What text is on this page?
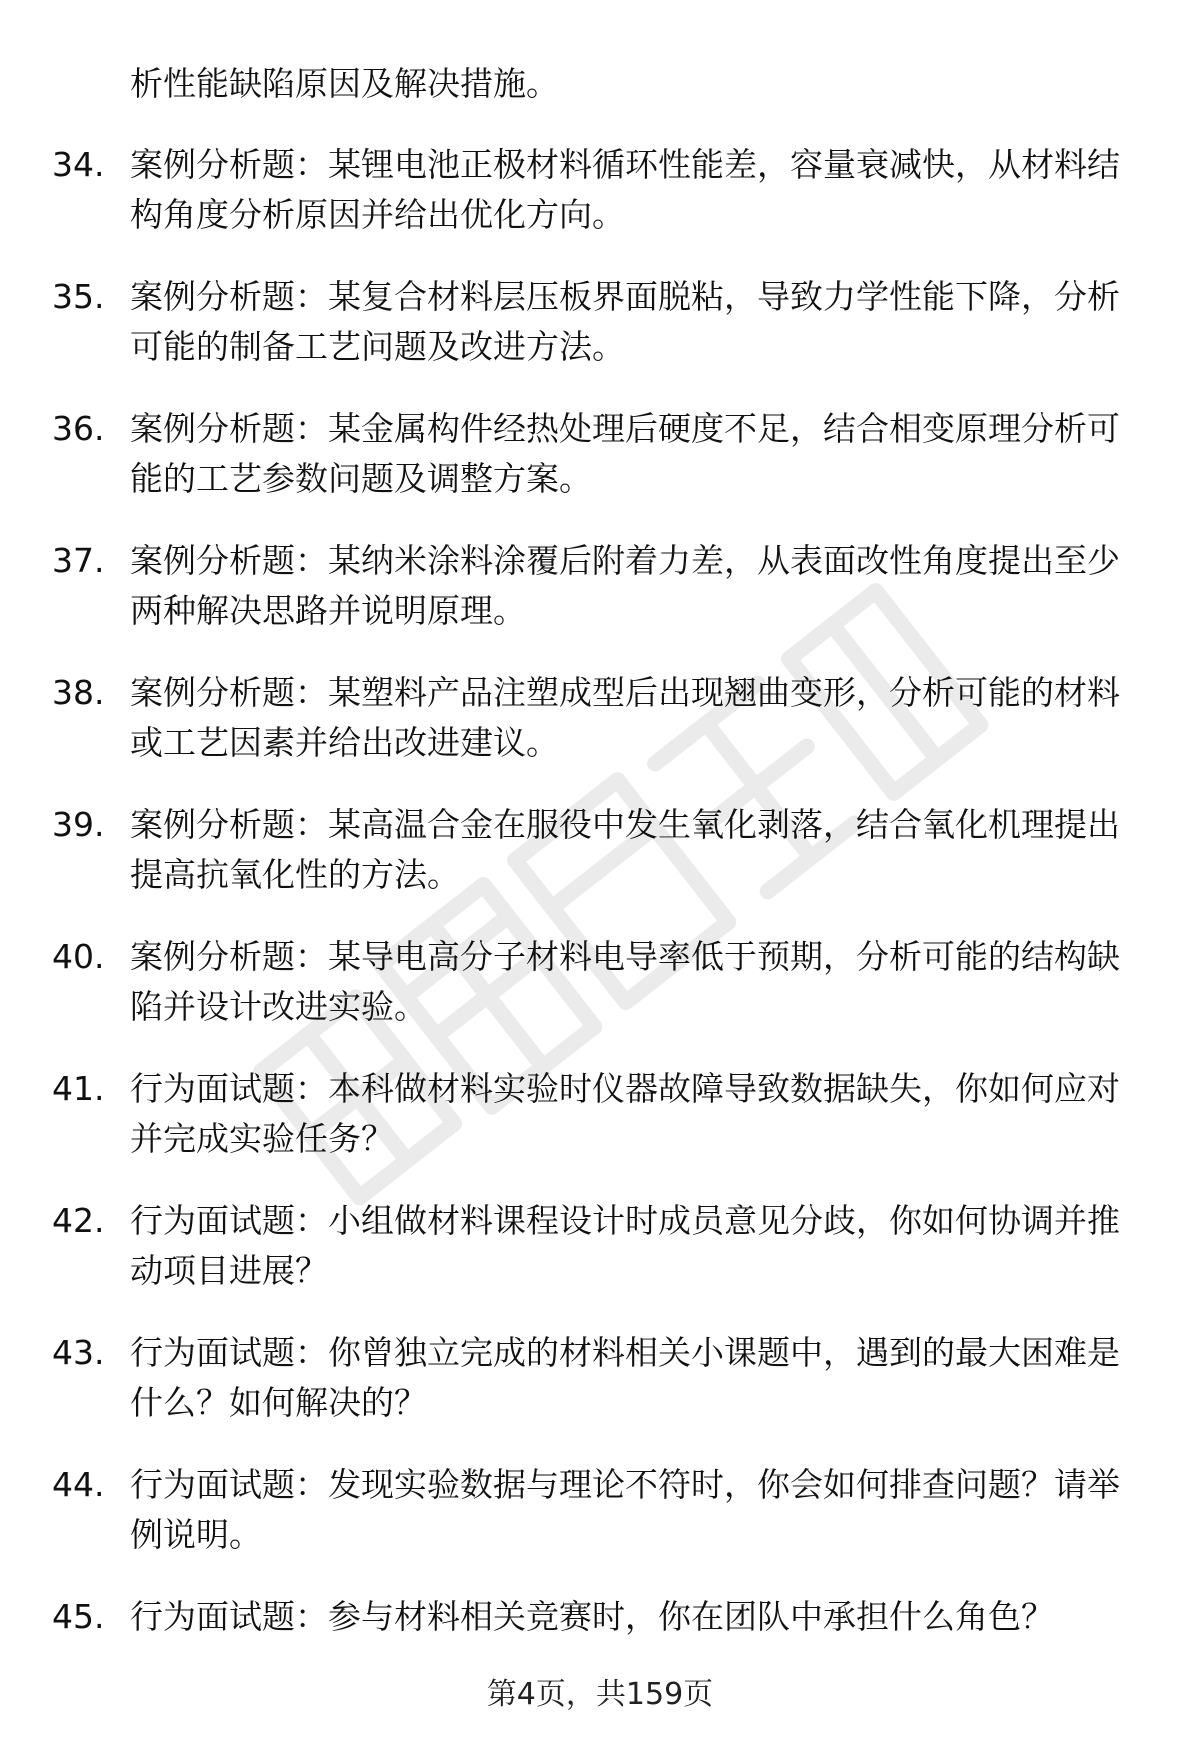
析性能缺陷原因及解决措施。

34. 案例分析题：某锂电池正极材料循环性能差，容量衰减快，从材料结构角度分析原因并给出优化方向。
35. 案例分析题：某复合材料层压板界面脱粘，导致力学性能下降，分析可能的制备工艺问题及改进方法。
36. 案例分析题：某金属构件经热处理后硬度不足，结合相变原理分析可能的工艺参数问题及调整方案。
37. 案例分析题：某纳米涂料涂覆后附着力差，从表面改性角度提出至少两种解决思路并说明原理。
38. 案例分析题：某塑料产品注塑成型后出现翘曲变形，分析可能的材料或工艺因素并给出改进建议。
39. 案例分析题：某高温合金在服役中发生氧化剥落，结合氧化机理提出提高抗氧化性的方法。
40. 案例分析题：某导电高分子材料电导率低于预期，分析可能的结构缺陷并设计改进实验。
41. 行为面试题：本科做材料实验时仪器故障导致数据缺失，你如何应对并完成实验任务？
42. 行为面试题：小组做材料课程设计时成员意见分歧，你如何协调并推动项目进展？
43. 行为面试题：你曾独立完成的材料相关小课题中，遇到的最大困难是什么？如何解决的？
44. 行为面试题：发现实验数据与理论不符时，你会如何排查问题？请举例说明。
45. 行为面试题：参与材料相关竞赛时，你在团队中承担什么角色？
第4页，共159页
